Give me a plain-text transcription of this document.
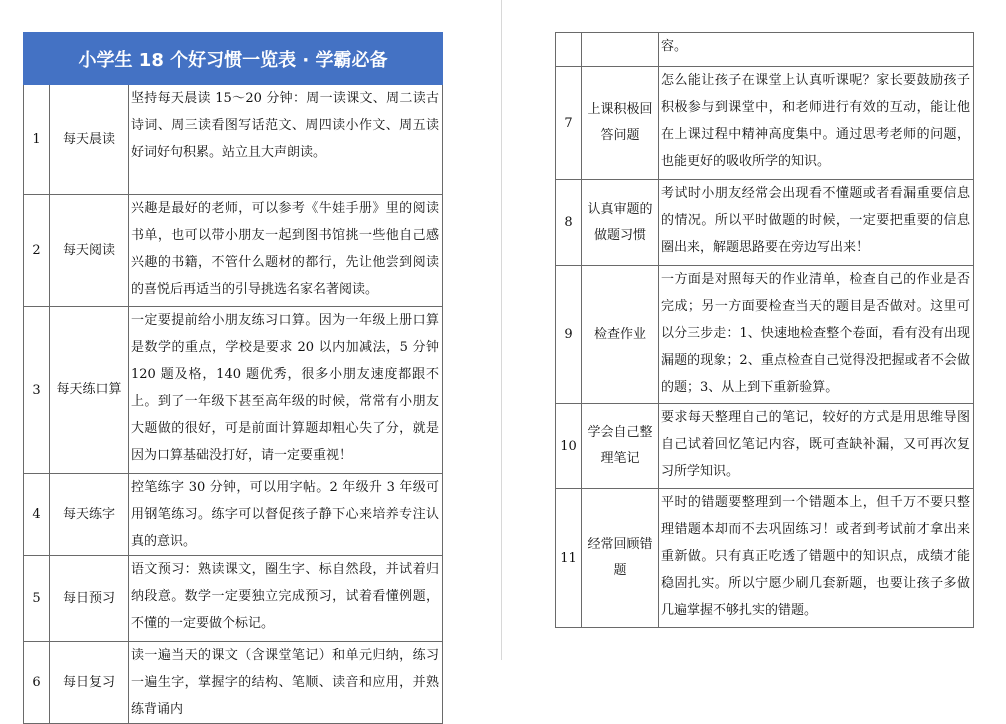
小学生 18 个好习惯一览表 · 学霸必备		
1	每天晨读	坚持每天晨读 15～20 分钟：周一读课文、周二读古诗词、周三读看图写话范文、周四读小作文、周五读好词好句积累。站立且大声朗读。
2	每天阅读	兴趣是最好的老师，可以参考《牛娃手册》里的阅读书单，也可以带小朋友一起到图书馆挑一些他自己感兴趣的书籍，不管什么题材的都行，先让他尝到阅读的喜悦后再适当的引导挑选名家名著阅读。
3	每天练口算	一定要提前给小朋友练习口算。因为一年级上册口算是数学的重点，学校是要求 20 以内加减法，5 分钟 120 题及格，140 题优秀，很多小朋友速度都跟不上。到了一年级下甚至高年级的时候，常常有小朋友大题做的很好，可是前面计算题却粗心失了分，就是因为口算基础没打好，请一定要重视！
4	每天练字	控笔练字 30 分钟，可以用字帖。2 年级升 3 年级可用钢笔练习。练字可以督促孩子静下心来培养专注认真的意识。
5	每日预习	语文预习：熟读课文，圈生字、标自然段，并试着归纳段意。数学一定要独立完成预习，试着看懂例题，不懂的一定要做个标记。
6	每日复习	读一遍当天的课文（含课堂笔记）和单元归纳，练习一遍生字，掌握字的结构、笔顺、读音和应用，并熟练背诵内
		容。
7	上课积极回答问题	怎么能让孩子在课堂上认真听课呢？家长要鼓励孩子积极参与到课堂中，和老师进行有效的互动，能让他在上课过程中精神高度集中。通过思考老师的问题，也能更好的吸收所学的知识。
8	认真审题的做题习惯	考试时小朋友经常会出现看不懂题或者看漏重要信息的情况。所以平时做题的时候，一定要把重要的信息圈出来，解题思路要在旁边写出来！
9	检查作业	一方面是对照每天的作业清单，检查自己的作业是否完成；另一方面要检查当天的题目是否做对。这里可以分三步走：1、快速地检查整个卷面，看有没有出现漏题的现象；2、重点检查自己觉得没把握或者不会做的题；3、从上到下重新验算。
10	学会自己整理笔记	要求每天整理自己的笔记，较好的方式是用思维导图自己试着回忆笔记内容，既可查缺补漏，又可再次复习所学知识。
11	经常回顾错题	平时的错题要整理到一个错题本上，但千万不要只整理错题本却而不去巩固练习！或者到考试前才拿出来重新做。只有真正吃透了错题中的知识点，成绩才能稳固扎实。所以宁愿少刷几套新题，也要让孩子多做几遍掌握不够扎实的错题。
